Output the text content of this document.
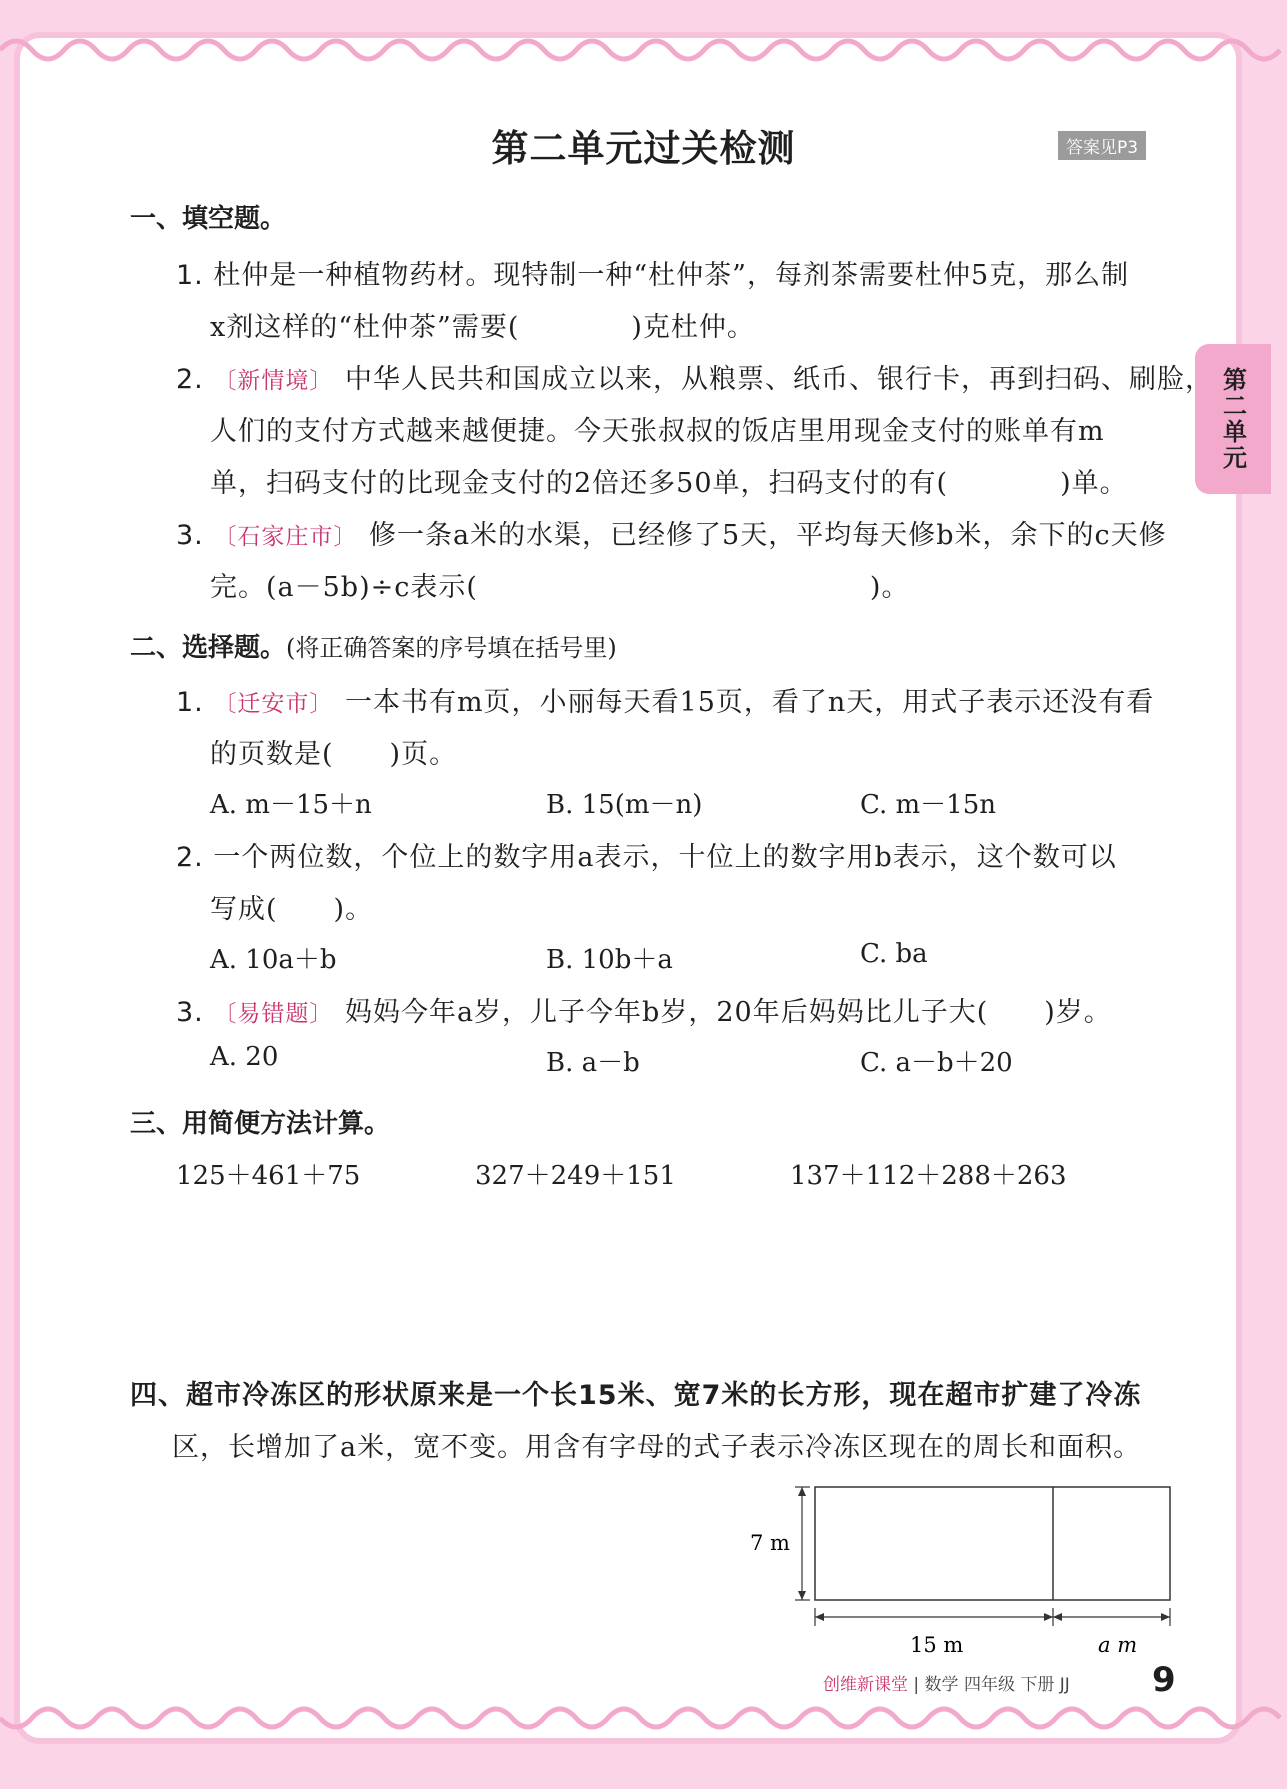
第二单元过关检测	答案见P3
第二单元
一、填空题。
1. 杜仲是一种植物药材。现特制一种“杜仲茶”，每剂茶需要杜仲5克，那么制
x剂这样的“杜仲茶”需要(　　　　)克杜仲。
2. 〔新情境〕 中华人民共和国成立以来，从粮票、纸币、银行卡，再到扫码、刷脸，
人们的支付方式越来越便捷。今天张叔叔的饭店里用现金支付的账单有m
单，扫码支付的比现金支付的2倍还多50单，扫码支付的有(　　　　)单。
3. 〔石家庄市〕 修一条a米的水渠，已经修了5天，平均每天修b米，余下的c天修
完。(a－5b)÷c表示(　　　　　　　　　　　　　　)。
二、选择题。(将正确答案的序号填在括号里)
1. 〔迁安市〕 一本书有m页，小丽每天看15页，看了n天，用式子表示还没有看
的页数是(　　)页。
A. m－15＋n	B. 15(m－n)	C. m－15n
2. 一个两位数，个位上的数字用a表示，十位上的数字用b表示，这个数可以
写成(　　)。
A. 10a＋b	B. 10b＋a	C. ba
3. 〔易错题〕 妈妈今年a岁，儿子今年b岁，20年后妈妈比儿子大(　　)岁。
A. 20	B. a－b	C. a－b＋20
三、用简便方法计算。
125＋461＋75	327＋249＋151	137＋112＋288＋263
四、超市冷冻区的形状原来是一个长15米、宽7米的长方形，现在超市扩建了冷冻
区，长增加了a米，宽不变。用含有字母的式子表示冷冻区现在的周长和面积。
7 m
15 m	a m
创维新课堂 | 数学 四年级 下册 JJ 9
